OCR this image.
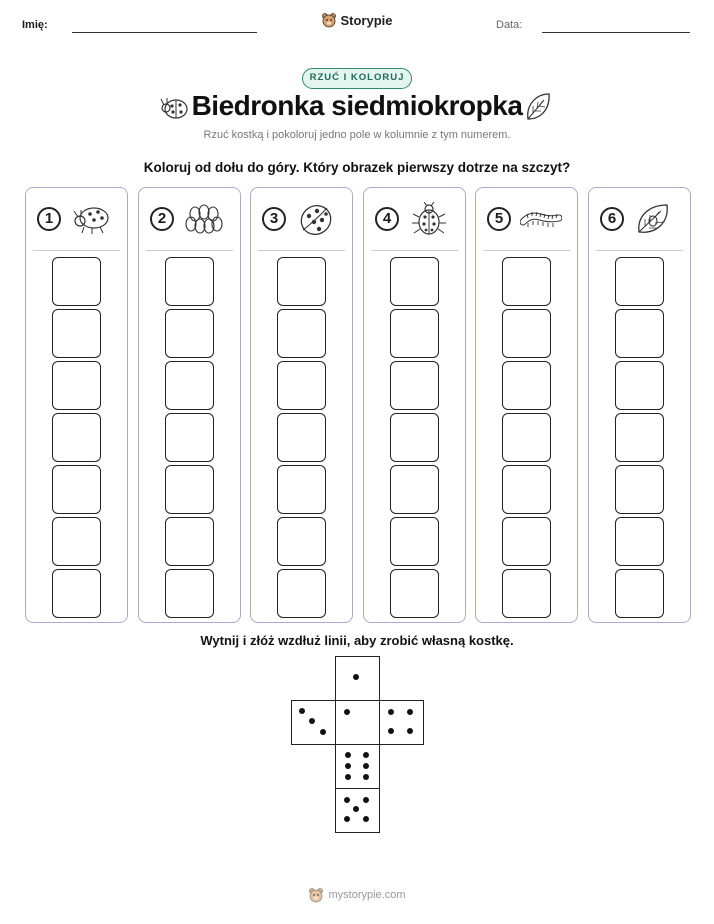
Imię:	Storypie	Data:
RZUĆ I KOLORUJ
Biedronka siedmiokropka
Rzuć kostką i pokoloruj jedno pole w kolumnie z tym numerem.
Koloruj od dołu do góry. Który obrazek pierwszy dotrze na szczyt?
1	2	3	4	5	6
Wytnij i złóż wzdłuż linii, aby zrobić własną kostkę.
mystorypie.com
